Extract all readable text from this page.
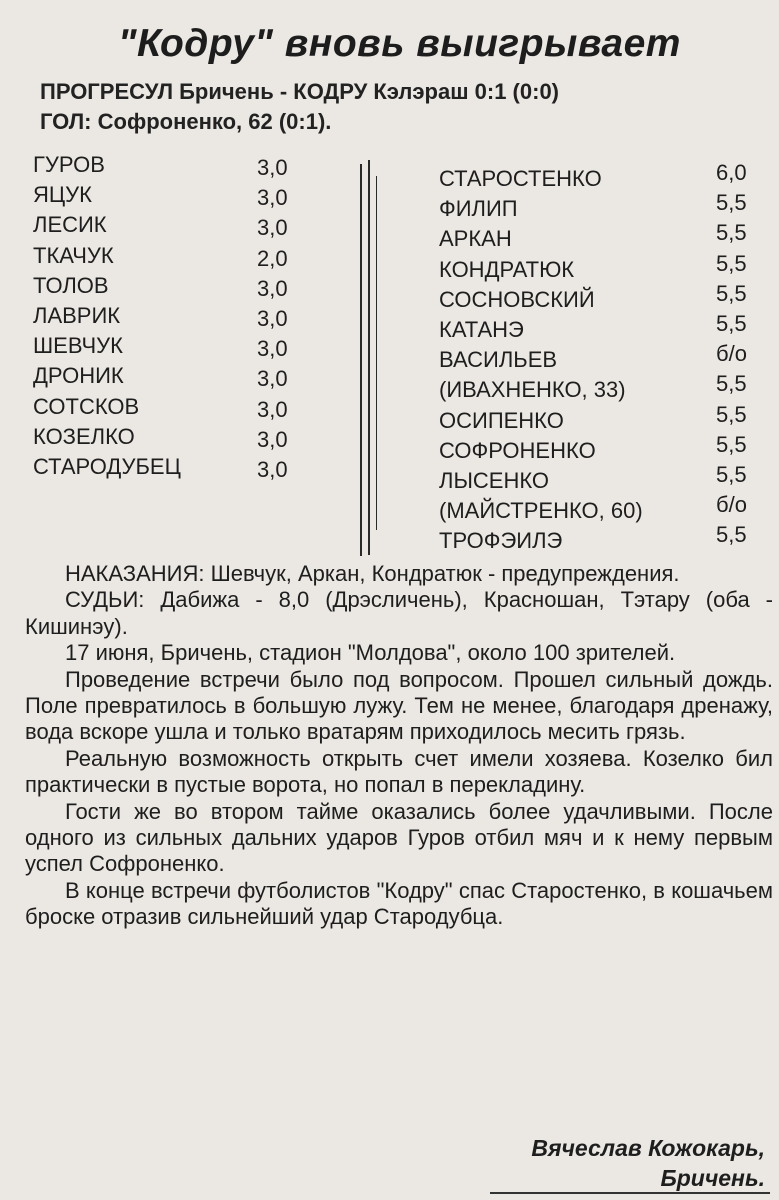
"Кодру" вновь выигрывает
ПРОГРЕСУЛ Бричень - КОДРУ Кэлэраш 0:1 (0:0)
ГОЛ: Софроненко, 62 (0:1).
ГУРОВ
ЯЦУК
ЛЕСИК
ТКАЧУК
ТОЛОВ
ЛАВРИК
ШЕВЧУК
ДРОНИК
СОТСКОВ
КОЗЕЛКО
СТАРОДУБЕЦ
3,0
3,0
3,0
2,0
3,0
3,0
3,0
3,0
3,0
3,0
3,0
СТАРОСТЕНКО
ФИЛИП
АРКАН
КОНДРАТЮК
СОСНОВСКИЙ
КАТАНЭ
ВАСИЛЬЕВ
(ИВАХНЕНКО, 33)
ОСИПЕНКО
СОФРОНЕНКО
ЛЫСЕНКО
(МАЙСТРЕНКО, 60)
ТРОФЭИЛЭ
6,0
5,5
5,5
5,5
5,5
5,5
б/о
5,5
5,5
5,5
5,5
б/о
5,5

НАКАЗАНИЯ: Шевчук, Аркан, Кондратюк - предупреждения.

СУДЬИ: Дабижа - 8,0 (Дрэсличень), Красношан, Тэтару (оба - Кишинэу).

17 июня, Бричень, стадион "Молдова", около 100 зрителей.

Проведение встречи было под вопросом. Прошел сильный дождь. Поле превратилось в большую лужу. Тем не менее, благодаря дренажу, вода вскоре ушла и только вратарям приходилось месить грязь.

Реальную возможность открыть счет имели хозяева. Козелко бил практически в пустые ворота, но попал в перекладину.

Гости же во втором тайме оказались более удачливыми. После одного из сильных дальних ударов Гуров отбил мяч и к нему первым успел Софроненко.

В конце встречи футболистов "Кодру" спас Старостенко, в кошачьем броске отразив сильнейший удар Стародубца.

Вячеслав Кожокарь,
Бричень.
